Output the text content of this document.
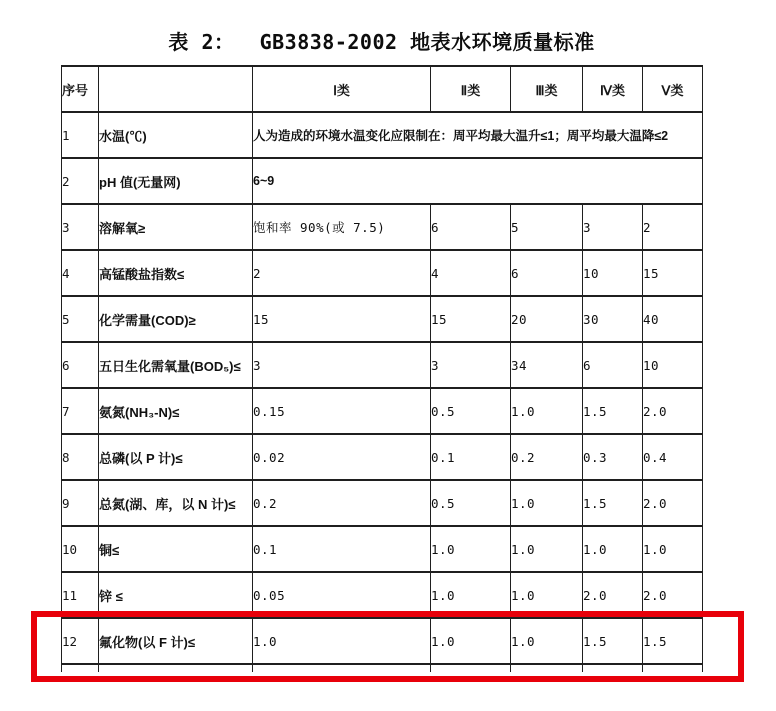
表 2：  GB3838-2002 地表水环境质量标准
序号		Ⅰ类	Ⅱ类	Ⅲ类	Ⅳ类	Ⅴ类
1	水温(℃)	人为造成的环境水温变化应限制在：周平均最大温升≤1；周平均最大温降≤2				
2	pH 值(无量网)	6~9				
3	溶解氧≥	饱和率 90%(或 7.5)	6	5	3	2
4	高锰酸盐指数≤	2	4	6	10	15
5	化学需量(COD)≥	15	15	20	30	40
6	五日生化需氧量(BOD₅)≤	3	3	34	6	10
7	氨氮(NH₃-N)≤	0.15	0.5	1.0	1.5	2.0
8	总磷(以 P 计)≤	0.02	0.1	0.2	0.3	0.4
9	总氮(湖、库，以 N 计)≤	0.2	0.5	1.0	1.5	2.0
10	铜≤	0.1	1.0	1.0	1.0	1.0
11	锌 ≤	0.05	1.0	1.0	2.0	2.0
12	氟化物(以 F 计)≤	1.0	1.0	1.0	1.5	1.5
